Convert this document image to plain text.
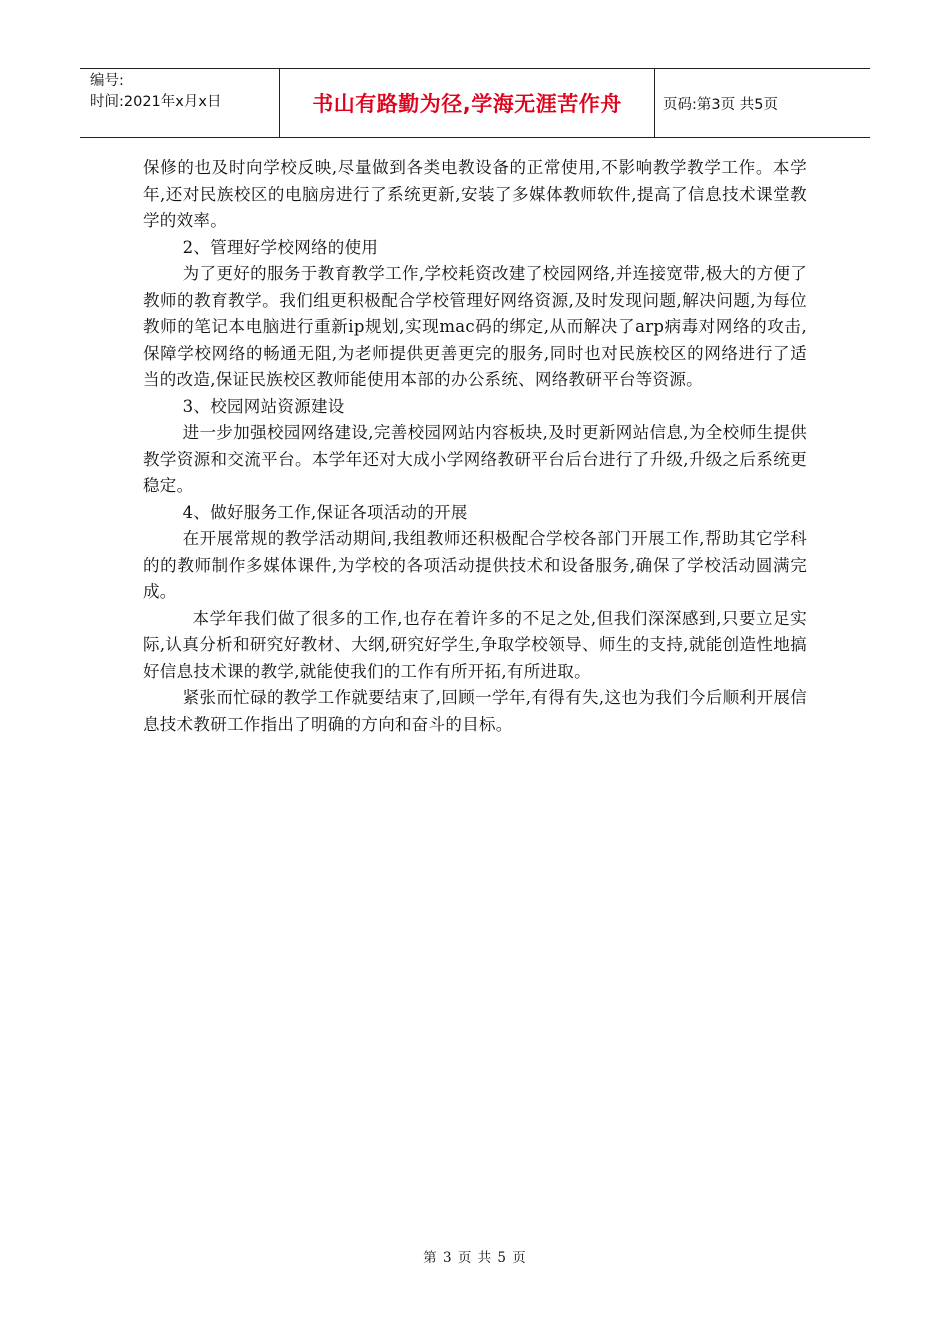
编号:
时间:2021年x月x日	书山有路勤为径,学海无涯苦作舟	页码:第3页 共5页

保修的也及时向学校反映,尽量做到各类电教设备的正常使用,不影响教学教学工作。本学年,还对民族校区的电脑房进行了系统更新,安装了多媒体教师软件,提高了信息技术课堂教学的效率。

2、管理好学校网络的使用

为了更好的服务于教育教学工作,学校耗资改建了校园网络,并连接宽带,极大的方便了教师的教育教学。我们组更积极配合学校管理好网络资源,及时发现问题,解决问题,为每位教师的笔记本电脑进行重新ip规划,实现mac码的绑定,从而解决了arp病毒对网络的攻击,保障学校网络的畅通无阻,为老师提供更善更完的服务,同时也对民族校区的网络进行了适当的改造,保证民族校区教师能使用本部的办公系统、网络教研平台等资源。

3、校园网站资源建设

进一步加强校园网络建设,完善校园网站内容板块,及时更新网站信息,为全校师生提供教学资源和交流平台。本学年还对大成小学网络教研平台后台进行了升级,升级之后系统更稳定。

4、做好服务工作,保证各项活动的开展

在开展常规的教学活动期间,我组教师还积极配合学校各部门开展工作,帮助其它学科的的教师制作多媒体课件,为学校的各项活动提供技术和设备服务,确保了学校活动圆满完成。

本学年我们做了很多的工作,也存在着许多的不足之处,但我们深深感到,只要立足实际,认真分析和研究好教材、大纲,研究好学生,争取学校领导、师生的支持,就能创造性地搞好信息技术课的教学,就能使我们的工作有所开拓,有所进取。

紧张而忙碌的教学工作就要结束了,回顾一学年,有得有失,这也为我们今后顺利开展信息技术教研工作指出了明确的方向和奋斗的目标。

第 3 页 共 5 页
